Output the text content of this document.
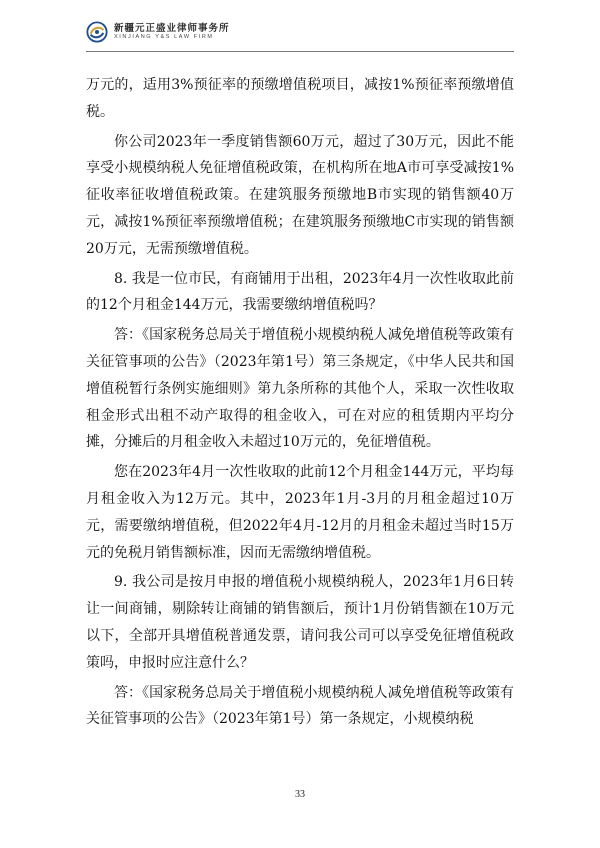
新疆元正盛业律师事务所
XINJIANG Y&S LAW FIRM

万元的，适用3%预征率的预缴增值税项目，减按1%预征率预缴增值税。

你公司2023年一季度销售额60万元，超过了30万元，因此不能享受小规模纳税人免征增值税政策，在机构所在地A市可享受减按1%征收率征收增值税政策。在建筑服务预缴地B市实现的销售额40万元，减按1%预征率预缴增值税；在建筑服务预缴地C市实现的销售额20万元，无需预缴增值税。

8. 我是一位市民，有商铺用于出租，2023年4月一次性收取此前的12个月租金144万元，我需要缴纳增值税吗？

答：《国家税务总局关于增值税小规模纳税人减免增值税等政策有关征管事项的公告》（2023年第1号）第三条规定，《中华人民共和国增值税暂行条例实施细则》第九条所称的其他个人，采取一次性收取租金形式出租不动产取得的租金收入，可在对应的租赁期内平均分摊，分摊后的月租金收入未超过10万元的，免征增值税。

您在2023年4月一次性收取的此前12个月租金144万元，平均每月租金收入为12万元。其中，2023年1月-3月的月租金超过10万元，需要缴纳增值税，但2022年4月-12月的月租金未超过当时15万元的免税月销售额标准，因而无需缴纳增值税。

9. 我公司是按月申报的增值税小规模纳税人，2023年1月6日转让一间商铺，剔除转让商铺的销售额后，预计1月份销售额在10万元以下，全部开具增值税普通发票，请问我公司可以享受免征增值税政策吗，申报时应注意什么？

答：《国家税务总局关于增值税小规模纳税人减免增值税等政策有关征管事项的公告》（2023年第1号）第一条规定，小规模纳税

33
